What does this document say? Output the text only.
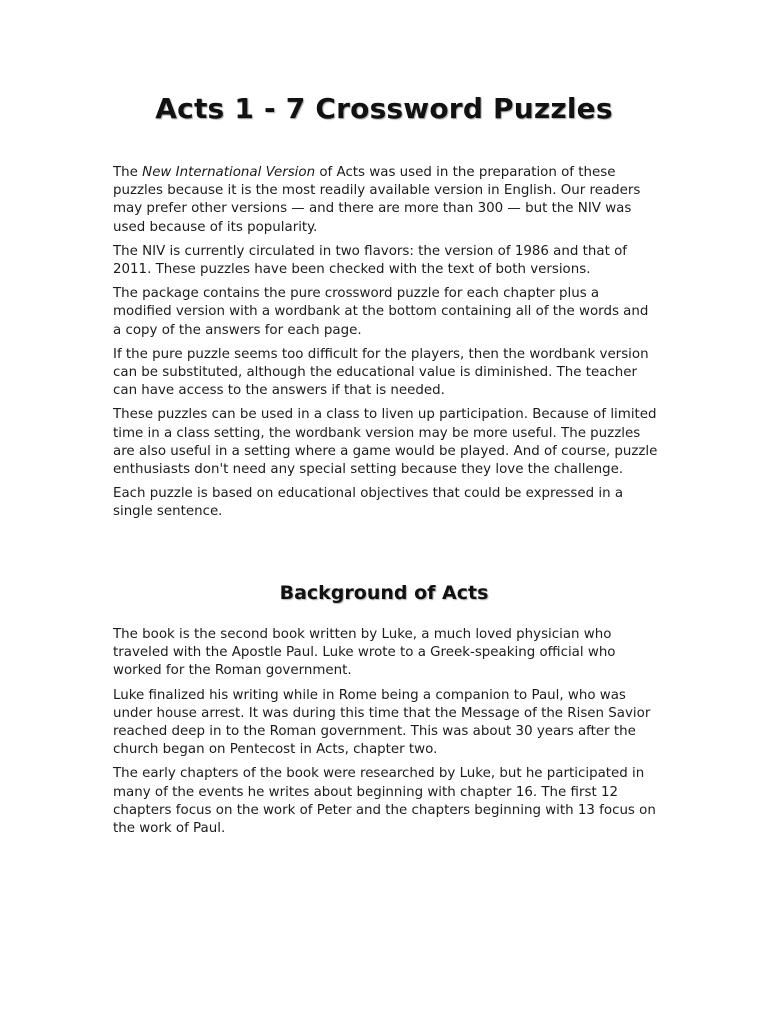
Acts 1 - 7 Crossword Puzzles

The New International Version of Acts was used in the preparation of these puzzles because it is the most readily available version in English. Our readers may prefer other versions — and there are more than 300 — but the NIV was used because of its popularity.

The NIV is currently circulated in two flavors: the version of 1986 and that of 2011. These puzzles have been checked with the text of both versions.

The package contains the pure crossword puzzle for each chapter plus a modified version with a wordbank at the bottom containing all of the words and a copy of the answers for each page.

If the pure puzzle seems too difficult for the players, then the wordbank version can be substituted, although the educational value is diminished. The teacher can have access to the answers if that is needed.

These puzzles can be used in a class to liven up participation. Because of limited time in a class setting, the wordbank version may be more useful. The puzzles are also useful in a setting where a game would be played. And of course, puzzle enthusiasts don't need any special setting because they love the challenge.

Each puzzle is based on educational objectives that could be expressed in a single sentence.

Background of Acts

The book is the second book written by Luke, a much loved physician who traveled with the Apostle Paul. Luke wrote to a Greek-speaking official who worked for the Roman government.

Luke finalized his writing while in Rome being a companion to Paul, who was under house arrest. It was during this time that the Message of the Risen Savior reached deep in to the Roman government. This was about 30 years after the church began on Pentecost in Acts, chapter two.

The early chapters of the book were researched by Luke, but he participated in many of the events he writes about beginning with chapter 16. The first 12 chapters focus on the work of Peter and the chapters beginning with 13 focus on the work of Paul.
